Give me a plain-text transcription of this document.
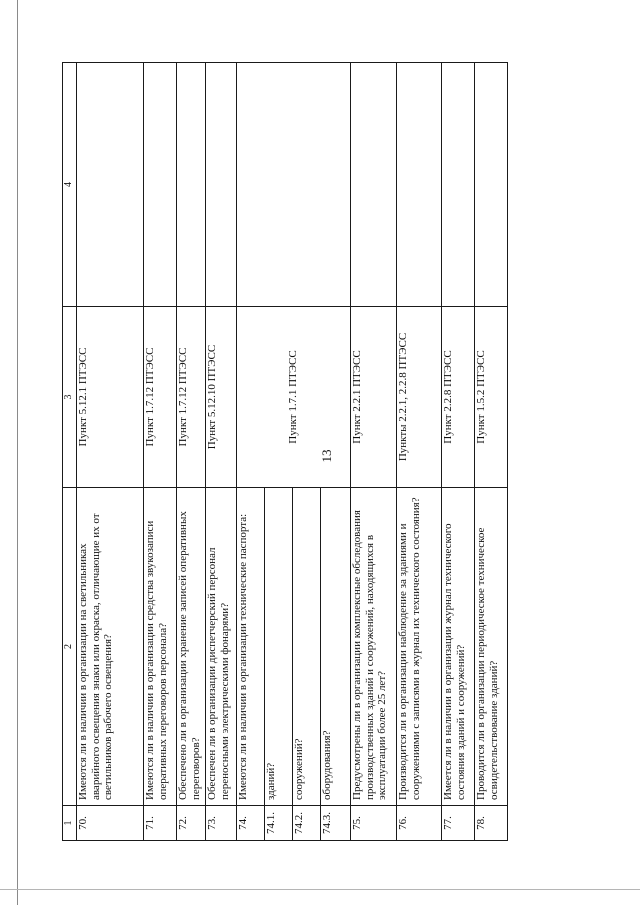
13
1	2	3	4
70.	Имеются ли в наличии в организации на светильниках аварийного освещения знаки или окраска, отличающие их от светильников рабочего освещения?	Пункт 5.12.1 ПТЭСС	
71.	Имеются ли в наличии в организации средства звукозаписи оперативных переговоров персонала?	Пункт 1.7.12 ПТЭСС	
72.	Обеспечено ли в организации хранение записей оперативных переговоров?	Пункт 1.7.12 ПТЭСС	
73.	Обеспечен ли в организации диспетчерский персонал переносными электрическими фонарями?	Пункт 5.12.10 ПТЭСС	
74.	Имеются ли в наличии в организации технические паспорта:	Пункт 1.7.1 ПТЭСС	
74.1.	зданий?		
74.2.	сооружений?		
74.3.	оборудования?		
75.	Предусмотрены ли в организации комплексные обследования производственных зданий и сооружений, находящихся в эксплуатации более 25 лет?	Пункт 2.2.1 ПТЭСС	
76.	Производится ли в организации наблюдение за зданиями и сооружениями с записями в журнал их технического состояния?	Пункты 2.2.1, 2.2.8 ПТЭСС	
77.	Имеется ли в наличии в организации журнал технического состояния зданий и сооружений?	Пункт 2.2.8 ПТЭСС	
78.	Проводится ли в организации периодическое техническое освидетельствование зданий?	Пункт 1.5.2 ПТЭСС	
